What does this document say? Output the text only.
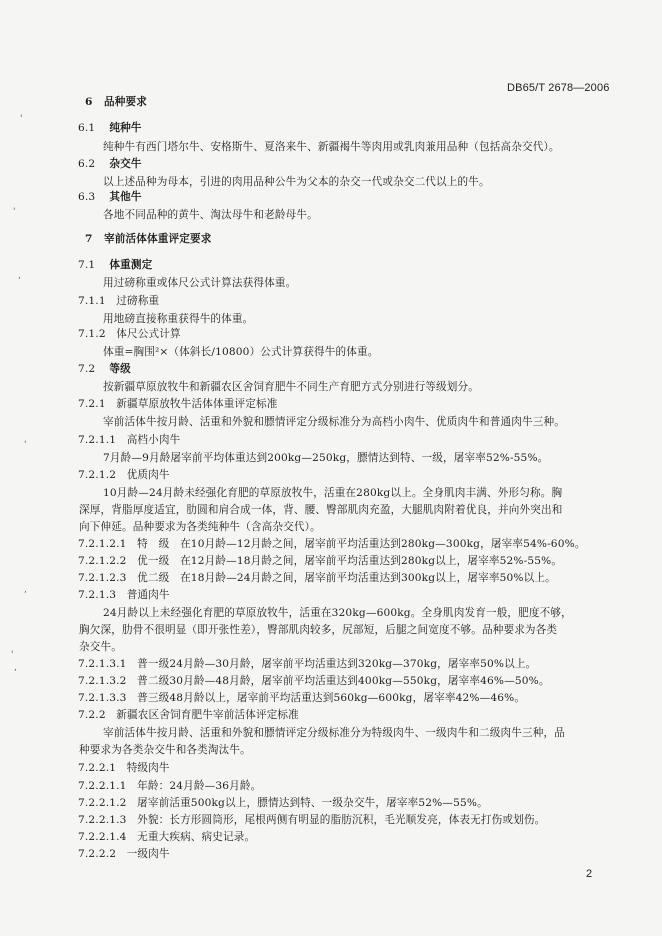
DB65/T 2678—2006
'
'
,
'
,
'
,
6 品种要求
6.1 纯种牛
纯种牛有西门塔尔牛、安格斯牛、夏洛来牛、新疆褐牛等肉用或乳肉兼用品种（包括高杂交代）。
6.2 杂交牛
以上述品种为母本，引进的肉用品种公牛为父本的杂交一代或杂交二代以上的牛。
6.3 其他牛
各地不同品种的黄牛、淘汰母牛和老龄母牛。
7 宰前活体体重评定要求
7.1 体重测定
用过磅称重或体尺公式计算法获得体重。
7.1.1 过磅称重
用地磅直接称重获得牛的体重。
7.1.2 体尺公式计算
体重=胸围²×（体斜长/10800）公式计算获得牛的体重。
7.2 等级
按新疆草原放牧牛和新疆农区舍饲育肥牛不同生产育肥方式分别进行等级划分。
7.2.1 新疆草原放牧牛活体体重评定标准
宰前活体牛按月龄、活重和外貌和膘情评定分级标准分为高档小肉牛、优质肉牛和普通肉牛三种。
7.2.1.1 高档小肉牛
7月龄—9月龄屠宰前平均体重达到200kg—250kg，膘情达到特、一级，屠宰率52%-55%。
7.2.1.2 优质肉牛
10月龄—24月龄未经强化育肥的草原放牧牛，活重在280kg以上。全身肌肉丰满、外形匀称。胸
深厚，背脂厚度适宜，肋圆和肩合成一体，背、腰、臀部肌肉充盈，大腿肌肉附着优良，并向外突出和
向下伸延。品种要求为各类纯种牛（含高杂交代）。
7.2.1.2.1 特　级　在10月龄—12月龄之间，屠宰前平均活重达到280kg—300kg，屠宰率54%-60%。
7.2.1.2.2 优一级　在12月龄—18月龄之间，屠宰前平均活重达到280kg以上，屠宰率52%-55%。
7.2.1.2.3 优二级　在18月龄—24月龄之间，屠宰前平均活重达到300kg以上，屠宰率50%以上。
7.2.1.3 普通肉牛
24月龄以上未经强化育肥的草原放牧牛，活重在320kg—600kg。全身肌肉发育一般，肥度不够，
胸欠深，肋骨不很明显（即开张性差），臀部肌肉较多，尻部短，后腿之间宽度不够。品种要求为各类
杂交牛。
7.2.1.3.1 普一级24月龄—30月龄，屠宰前平均活重达到320kg—370kg，屠宰率50%以上。
7.2.1.3.2 普二级30月龄—48月龄，屠宰前平均活重达到400kg—550kg，屠宰率46%—50%。
7.2.1.3.3 普三级48月龄以上，屠宰前平均活重达到560kg—600kg，屠宰率42%—46%。
7.2.2 新疆农区舍饲育肥牛宰前活体评定标准
宰前活体牛按月龄、活重和外貌和膘情评定分级标准分为特级肉牛、一级肉牛和二级肉牛三种，品
种要求为各类杂交牛和各类淘汰牛。
7.2.2.1 特级肉牛
7.2.2.1.1 年龄：24月龄—36月龄。
7.2.2.1.2 屠宰前活重500kg以上，膘情达到特、一级杂交牛，屠宰率52%—55%。
7.2.2.1.3 外貌：长方形圆筒形，尾根两侧有明显的脂肪沉积，毛光顺发亮，体表无打伤或划伤。
7.2.2.1.4 无重大疾病、病史记录。
7.2.2.2 一级肉牛
2
